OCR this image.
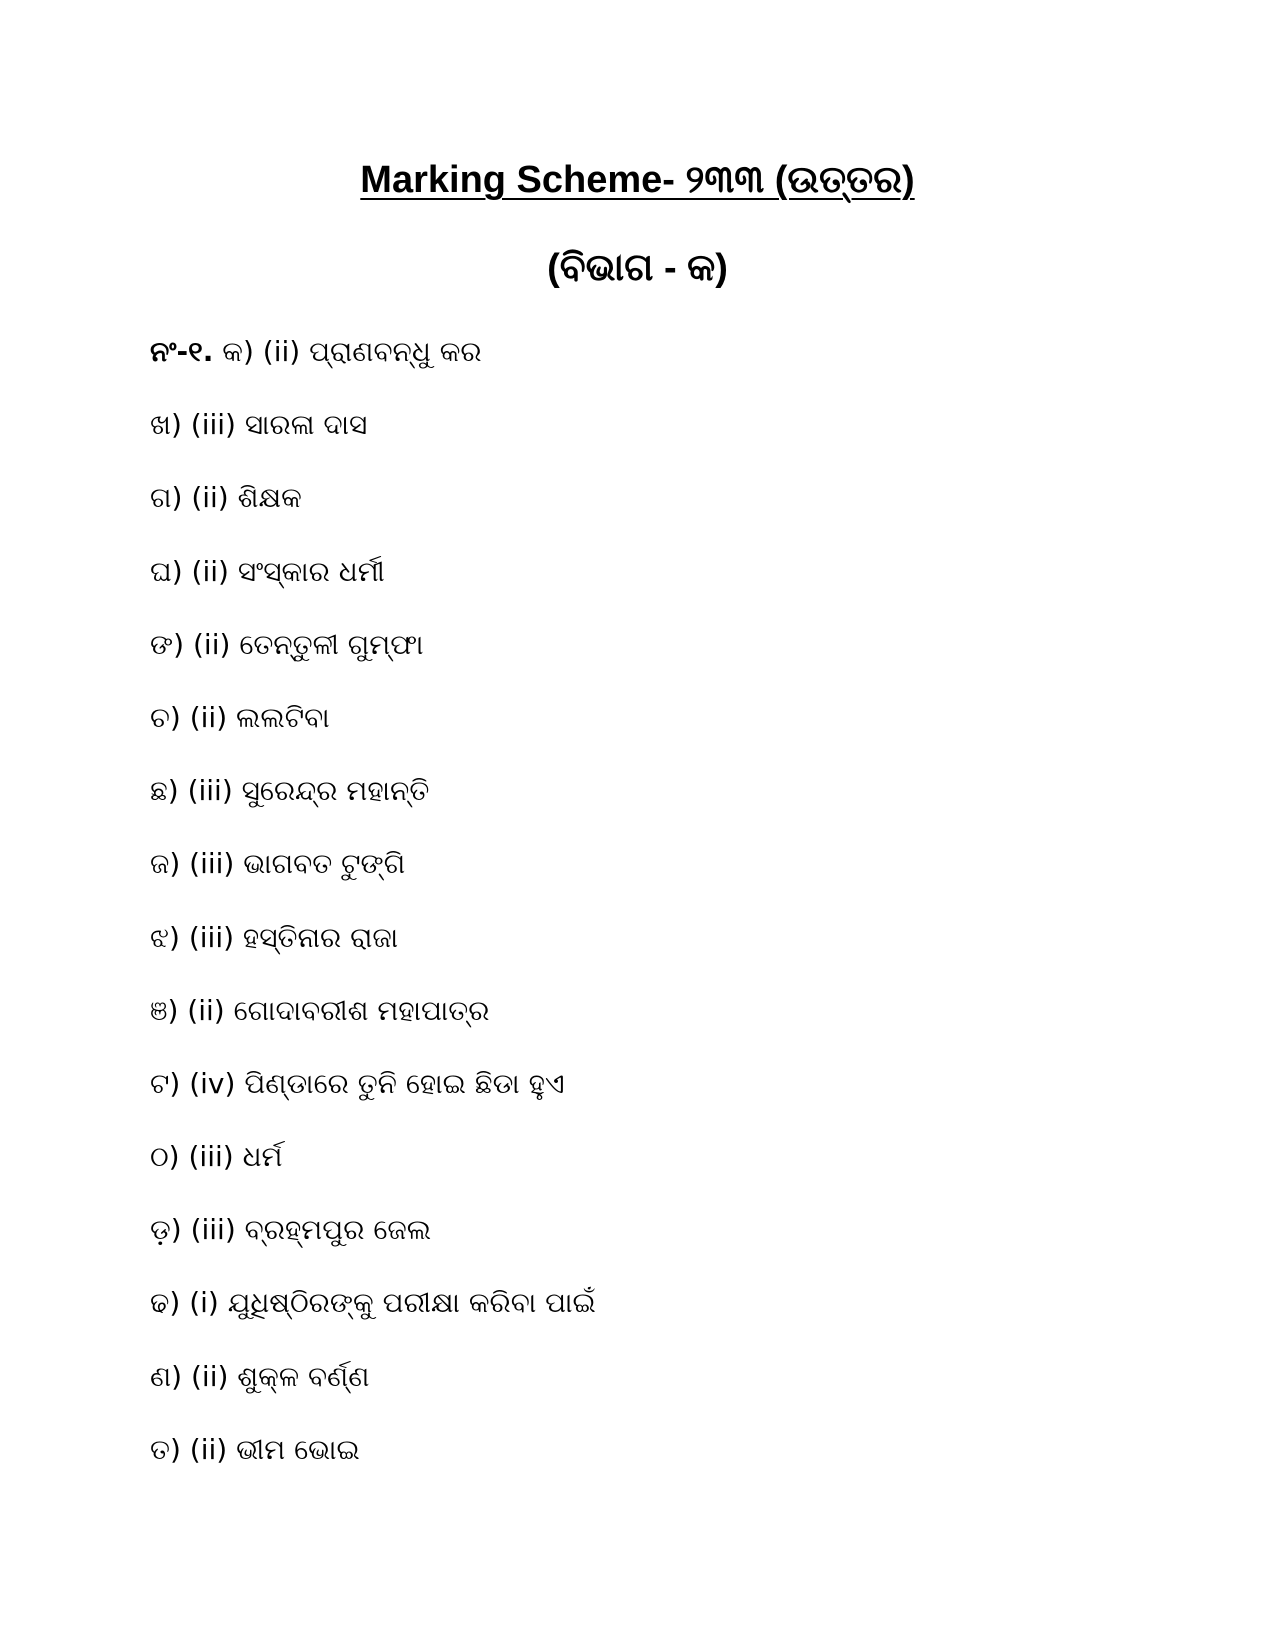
Marking Scheme- ୨୩୩ (ଉତ୍ତର)
(ବିଭାଗ - କ)
ନଂ-୧. କ) (ii) ପ୍ରାଣବନ୍ଧୁ କର
ଖ) (iii) ସାରଳା ଦାସ
ଗ) (ii) ଶିକ୍ଷକ
ଘ) (ii) ସଂସ୍କାର ଧର୍ମୀ
ଙ) (ii) ତେନ୍ତୁଳୀ ଗୁମ୍ଫା
ଚ) (ii) ଲଲଟିବା
ଛ) (iii) ସୁରେନ୍ଦ୍ର ମହାନ୍ତି
ଜ) (iii) ଭାଗବତ ଟୁଙ୍ଗି
ଝ) (iii) ହସ୍ତିନାର ରାଜା
ଞ) (ii) ଗୋଦାବରୀଶ ମହାପାତ୍ର
ଟ) (iv) ପିଣ୍ଡାରେ ତୁନି ହୋଇ ଛିଡା ହୁଏ
ଠ) (iii) ଧର୍ମ
ଡ଼) (iii) ବ୍ରହ୍ମପୁର ଜେଲ
ଢ) (i) ଯୁଧିଷ୍ଠିରଙ୍କୁ ପରୀକ୍ଷା କରିବା ପାଇଁ
ଣ) (ii) ଶୁକ୍ଳ ବର୍ଣ୍ଣ
ତ) (ii) ଭୀମ ଭୋଇ
